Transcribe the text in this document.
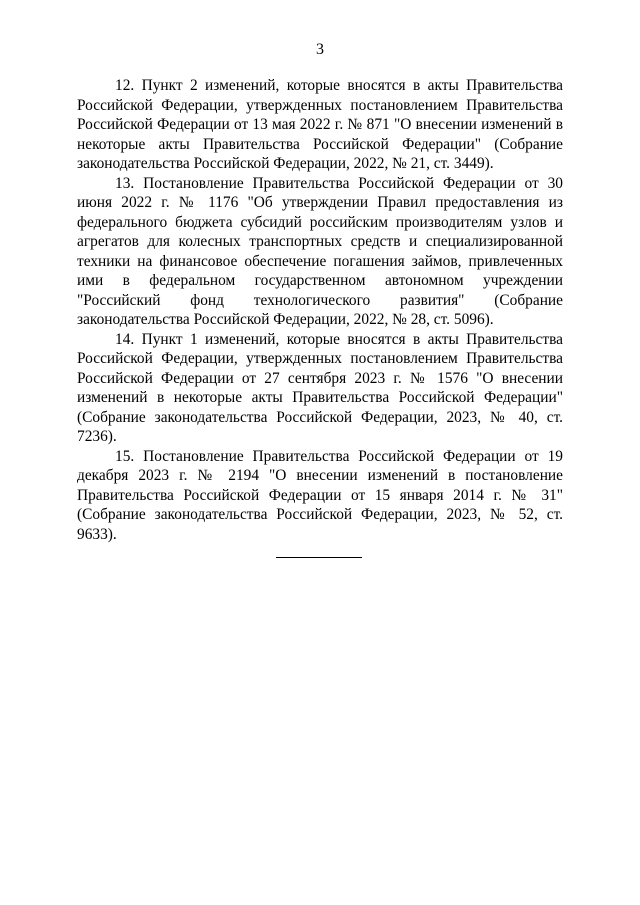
3

12. Пункт 2 изменений, которые вносятся в акты Правительства Российской Федерации, утвержденных постановлением Правительства Российской Федерации от 13 мая 2022 г. № 871 "О внесении изменений в некоторые акты Правительства Российской Федерации" (Собрание законодательства Российской Федерации, 2022, № 21, ст. 3449).

13. Постановление Правительства Российской Федерации от 30 июня 2022 г. № 1176 "Об утверждении Правил предоставления из федерального бюджета субсидий российским производителям узлов и агрегатов для колесных транспортных средств и специализированной техники на финансовое обеспечение погашения займов, привлеченных ими в федеральном государственном автономном учреждении "Российский фонд технологического развития" (Собрание законодательства Российской Федерации, 2022, № 28, ст. 5096).

14. Пункт 1 изменений, которые вносятся в акты Правительства Российской Федерации, утвержденных постановлением Правительства Российской Федерации от 27 сентября 2023 г. № 1576 "О внесении изменений в некоторые акты Правительства Российской Федерации" (Собрание законодательства Российской Федерации, 2023, № 40, ст. 7236).

15. Постановление Правительства Российской Федерации от 19 декабря 2023 г. № 2194 "О внесении изменений в постановление Правительства Российской Федерации от 15 января 2014 г. № 31" (Собрание законодательства Российской Федерации, 2023, № 52, ст. 9633).
